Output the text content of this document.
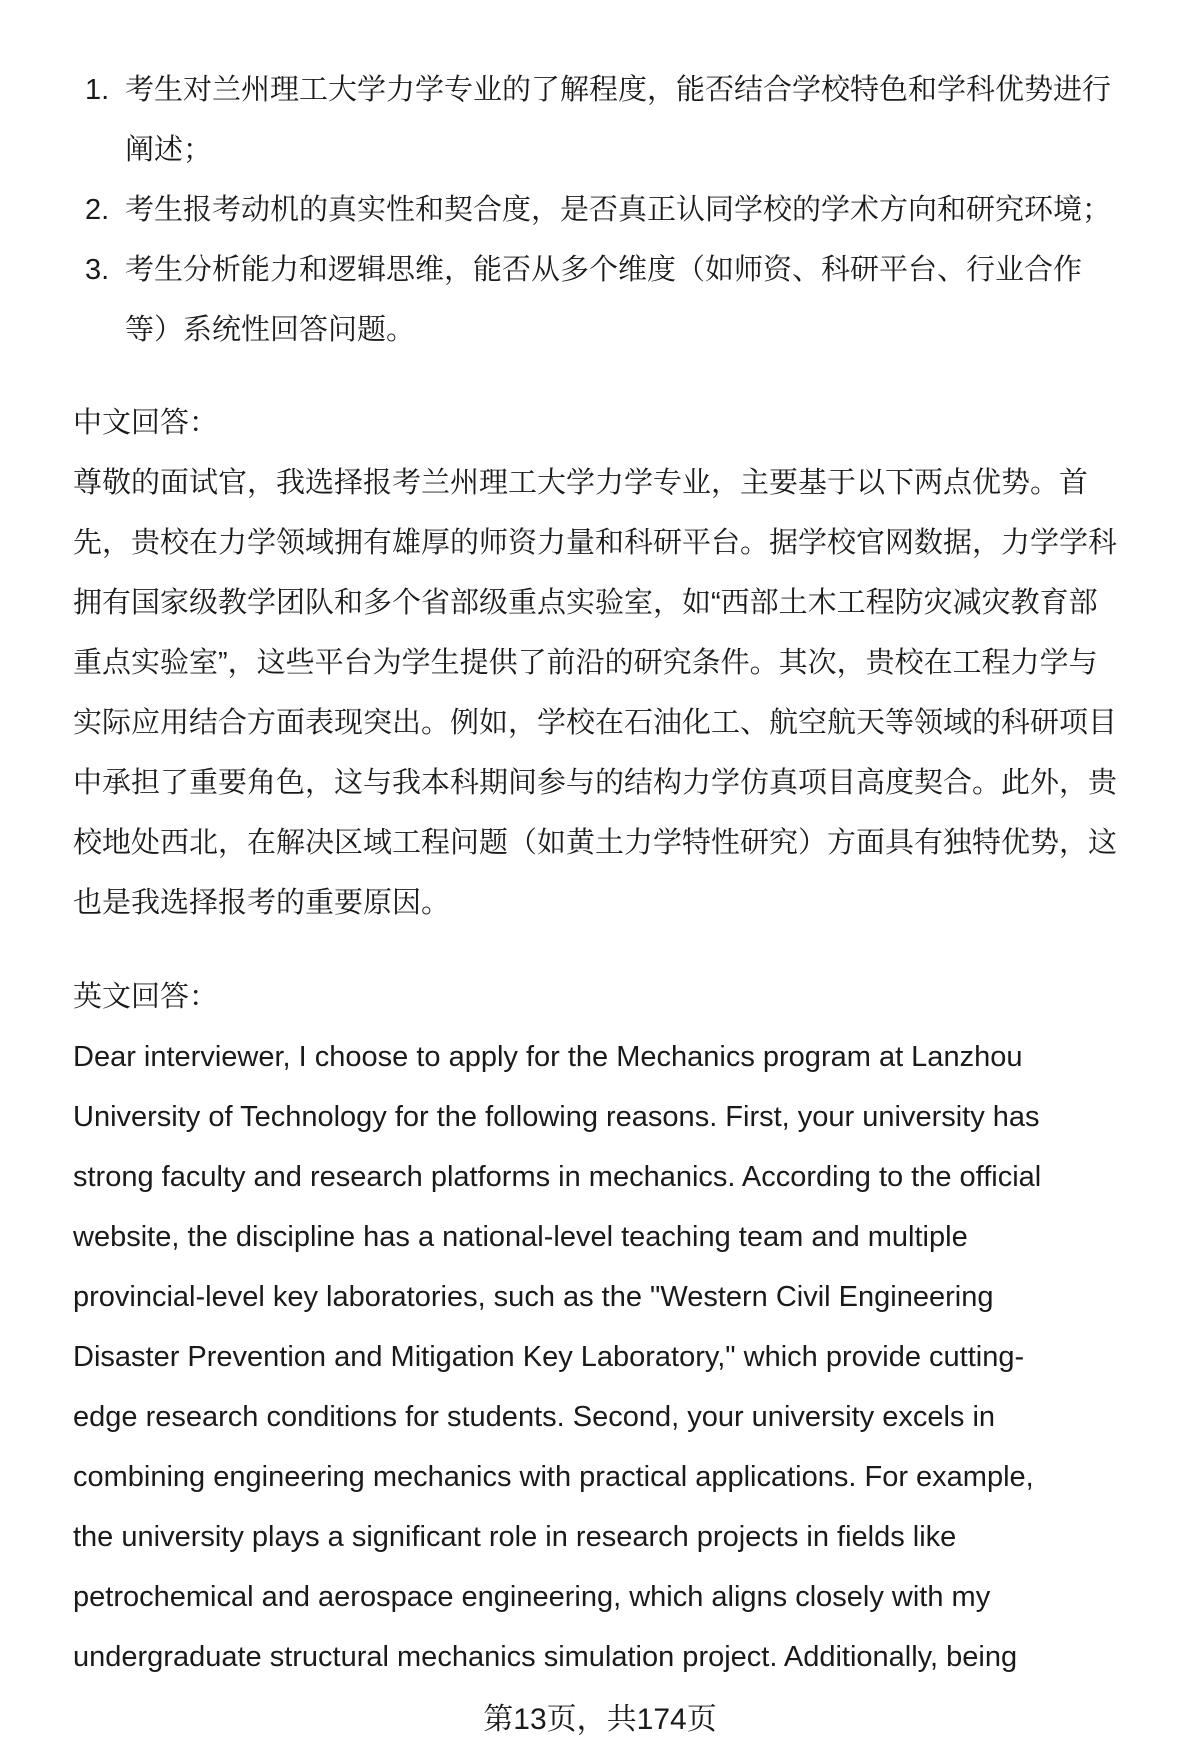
1. 考生对兰州理工大学力学专业的了解程度，能否结合学校特色和学科优势进行
阐述；
2. 考生报考动机的真实性和契合度，是否真正认同学校的学术方向和研究环境；
3. 考生分析能力和逻辑思维，能否从多个维度（如师资、科研平台、行业合作
等）系统性回答问题。
中文回答：
尊敬的面试官，我选择报考兰州理工大学力学专业，主要基于以下两点优势。首
先，贵校在力学领域拥有雄厚的师资力量和科研平台。据学校官网数据，力学学科
拥有国家级教学团队和多个省部级重点实验室，如“西部土木工程防灾减灾教育部
重点实验室”，这些平台为学生提供了前沿的研究条件。其次，贵校在工程力学与
实际应用结合方面表现突出。例如，学校在石油化工、航空航天等领域的科研项目
中承担了重要角色，这与我本科期间参与的结构力学仿真项目高度契合。此外，贵
校地处西北，在解决区域工程问题（如黄土力学特性研究）方面具有独特优势，这
也是我选择报考的重要原因。
英文回答：
Dear interviewer, I choose to apply for the Mechanics program at Lanzhou
University of Technology for the following reasons. First, your university has
strong faculty and research platforms in mechanics. According to the official
website, the discipline has a national-level teaching team and multiple
provincial-level key laboratories, such as the "Western Civil Engineering
Disaster Prevention and Mitigation Key Laboratory," which provide cutting-
edge research conditions for students. Second, your university excels in
combining engineering mechanics with practical applications. For example,
the university plays a significant role in research projects in fields like
petrochemical and aerospace engineering, which aligns closely with my
undergraduate structural mechanics simulation project. Additionally, being
第13页，共174页
